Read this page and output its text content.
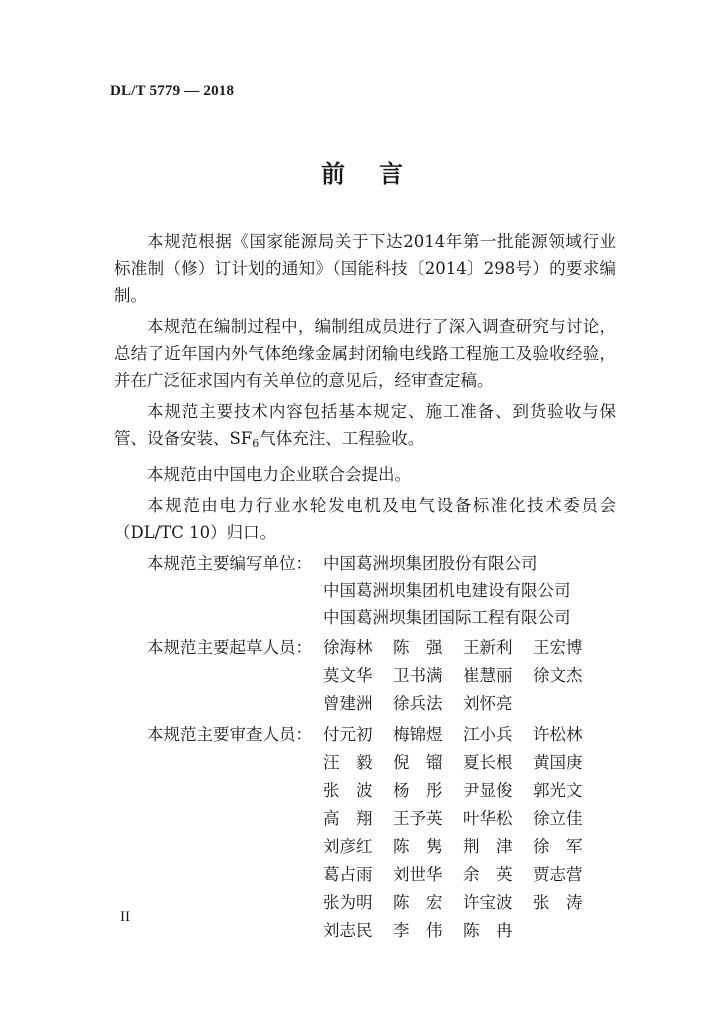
DL/T 5779 — 2018
前言

本规范根据《国家能源局关于下达2014年第一批能源领域行业标准制（修）订计划的通知》（国能科技〔2014〕298号）的要求编制。

本规范在编制过程中，编制组成员进行了深入调查研究与讨论，总结了近年国内外气体绝缘金属封闭输电线路工程施工及验收经验，并在广泛征求国内有关单位的意见后，经审查定稿。

本规范主要技术内容包括基本规定、施工准备、到货验收与保管、设备安装、$SF_6$气体充注、工程验收。

本规范由中国电力企业联合会提出。

本规范由电力行业水轮发电机及电气设备标准化技术委员会（DL/TC 10）归口。

本规范主要编写单位： 中国葛洲坝集团股份有限公司
中国葛洲坝集团机电建设有限公司
中国葛洲坝集团国际工程有限公司
本规范主要起草人员： 徐海林	陈　强	王新利	王宏博
莫文华	卫书满	崔慧丽	徐文杰
曾建洲	徐兵法	刘怀亮
本规范主要审查人员： 付元初	梅锦煜	江小兵	许松林
汪　毅	倪　镏	夏长根	黄国庚
张　波	杨　彤	尹显俊	郭光文
高　翔	王予英	叶华松	徐立佳
刘彦红	陈　隽	荆　津	徐　军
葛占雨	刘世华	余　英	贾志营
张为明	陈　宏	许宝波	张　涛
刘志民	李　伟	陈　冉
II
